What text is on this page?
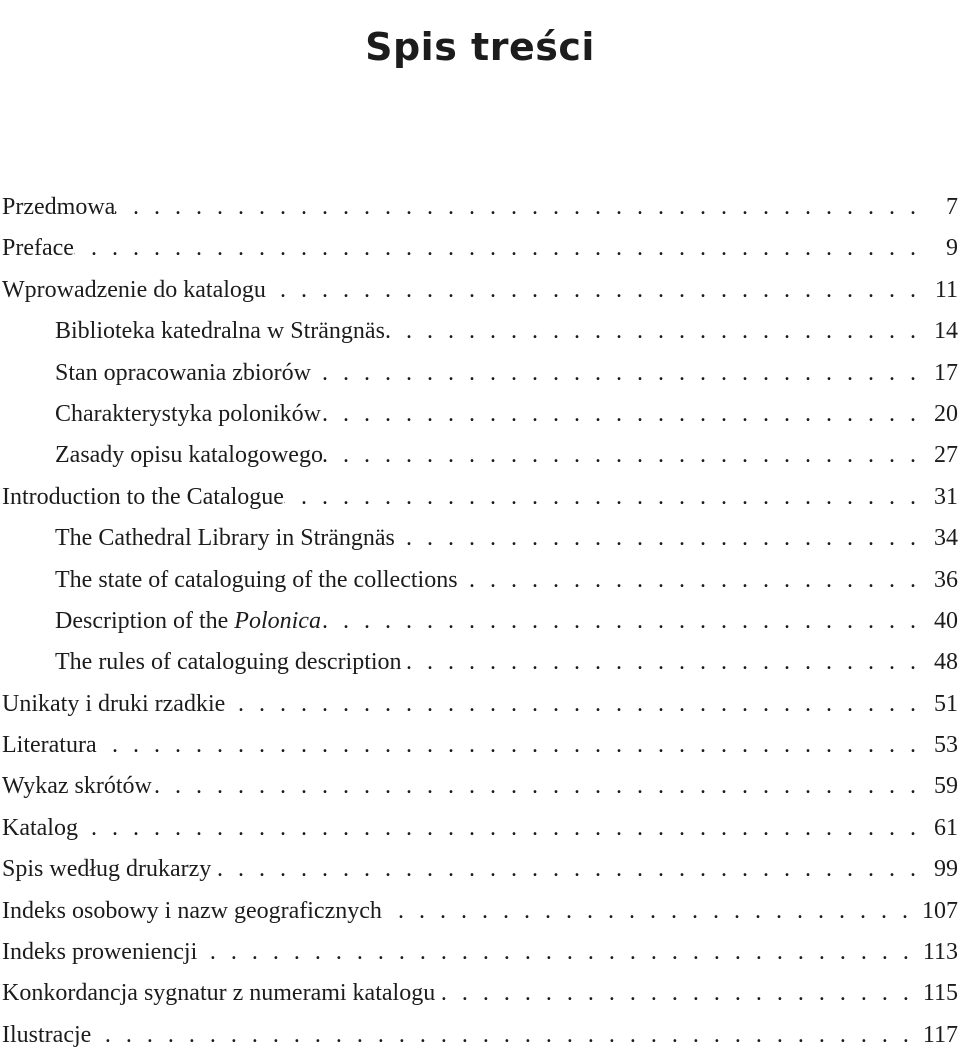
Spis treści
Przedmowa . . .	7
Preface . . .	9
Wprowadzenie do katalogu . . .	11
Biblioteka katedralna w Strängnäs . . .	14
Stan opracowania zbiorów . . .	17
Charakterystyka poloników . . .	20
Zasady opisu katalogowego . . .	27
Introduction to the Catalogue . . .	31
The Cathedral Library in Strängnäs . . .	34
The state of cataloguing of the collections . . .	36
Description of the Polonica . . .	40
The rules of cataloguing description . . .	48
Unikaty i druki rzadkie . . .	51
Literatura . . .	53
Wykaz skrótów . . .	59
Katalog . . .	61
Spis według drukarzy . . .	99
Indeks osobowy i nazw geograficznych . . .	107
Indeks proweniencji . . .	113
Konkordancja sygnatur z numerami katalogu . . .	115
Ilustracje . . .	117
